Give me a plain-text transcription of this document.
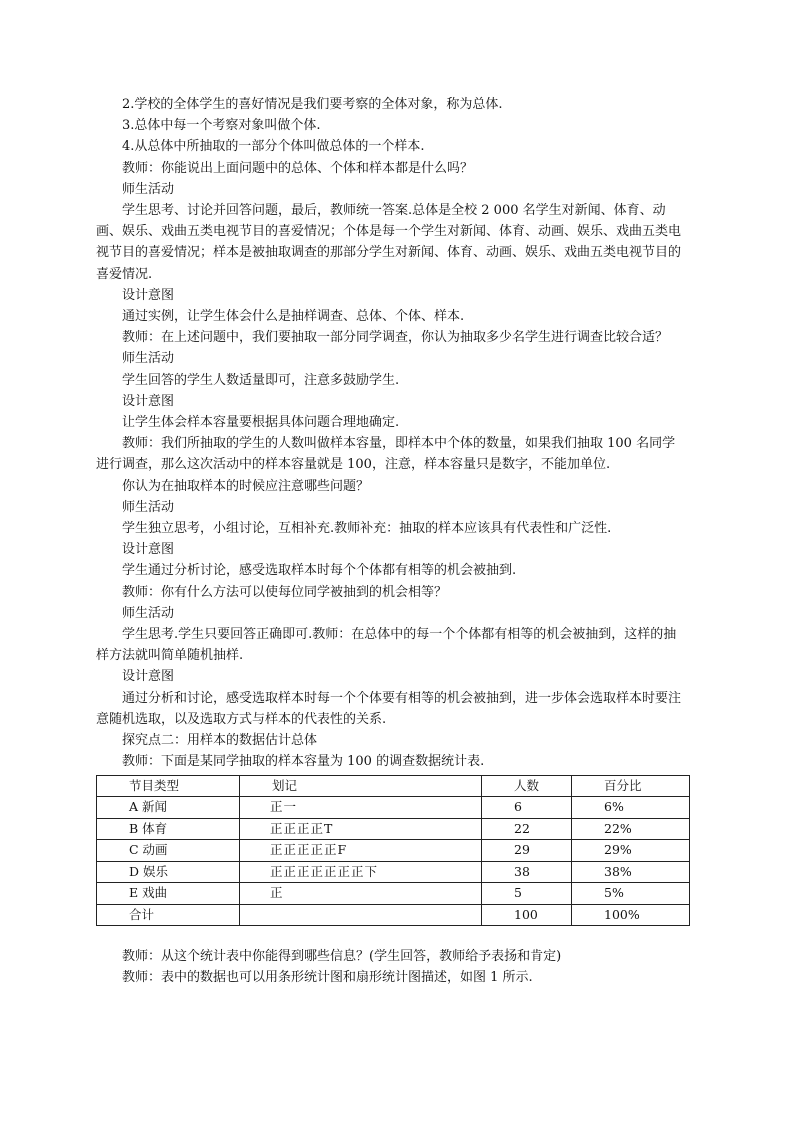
2.学校的全体学生的喜好情况是我们要考察的全体对象，称为总体.

3.总体中每一个考察对象叫做个体.

4.从总体中所抽取的一部分个体叫做总体的一个样本.

教师：你能说出上面问题中的总体、个体和样本都是什么吗？

师生活动

学生思考、讨论并回答问题，最后，教师统一答案.总体是全校 2 000 名学生对新闻、体育、动画、娱乐、戏曲五类电视节目的喜爱情况；个体是每一个学生对新闻、体育、动画、娱乐、戏曲五类电视节目的喜爱情况；样本是被抽取调查的那部分学生对新闻、体育、动画、娱乐、戏曲五类电视节目的喜爱情况.

设计意图

通过实例，让学生体会什么是抽样调查、总体、个体、样本.

教师：在上述问题中，我们要抽取一部分同学调查，你认为抽取多少名学生进行调查比较合适？

师生活动

学生回答的学生人数适量即可，注意多鼓励学生.

设计意图

让学生体会样本容量要根据具体问题合理地确定.

教师：我们所抽取的学生的人数叫做样本容量，即样本中个体的数量，如果我们抽取 100 名同学进行调查，那么这次活动中的样本容量就是 100，注意，样本容量只是数字，不能加单位.

你认为在抽取样本的时候应注意哪些问题？

师生活动

学生独立思考，小组讨论，互相补充.教师补充：抽取的样本应该具有代表性和广泛性.

设计意图

学生通过分析讨论，感受选取样本时每个个体都有相等的机会被抽到.

教师：你有什么方法可以使每位同学被抽到的机会相等？

师生活动

学生思考.学生只要回答正确即可.教师：在总体中的每一个个体都有相等的机会被抽到，这样的抽样方法就叫简单随机抽样.

设计意图

通过分析和讨论，感受选取样本时每一个个体要有相等的机会被抽到，进一步体会选取样本时要注意随机选取，以及选取方式与样本的代表性的关系.

探究点二：用样本的数据估计总体

教师：下面是某同学抽取的样本容量为 100 的调查数据统计表.

节目类型	划记	人数	百分比
A 新闻	正一	6	6%
B 体育	正正正正T	22	22%
C 动画	正正正正正F	29	29%
D 娱乐	正正正正正正正下	38	38%
E 戏曲	正	5	5%
合计		100	100%

教师：从这个统计表中你能得到哪些信息？(学生回答，教师给予表扬和肯定)

教师：表中的数据也可以用条形统计图和扇形统计图描述，如图 1 所示.
